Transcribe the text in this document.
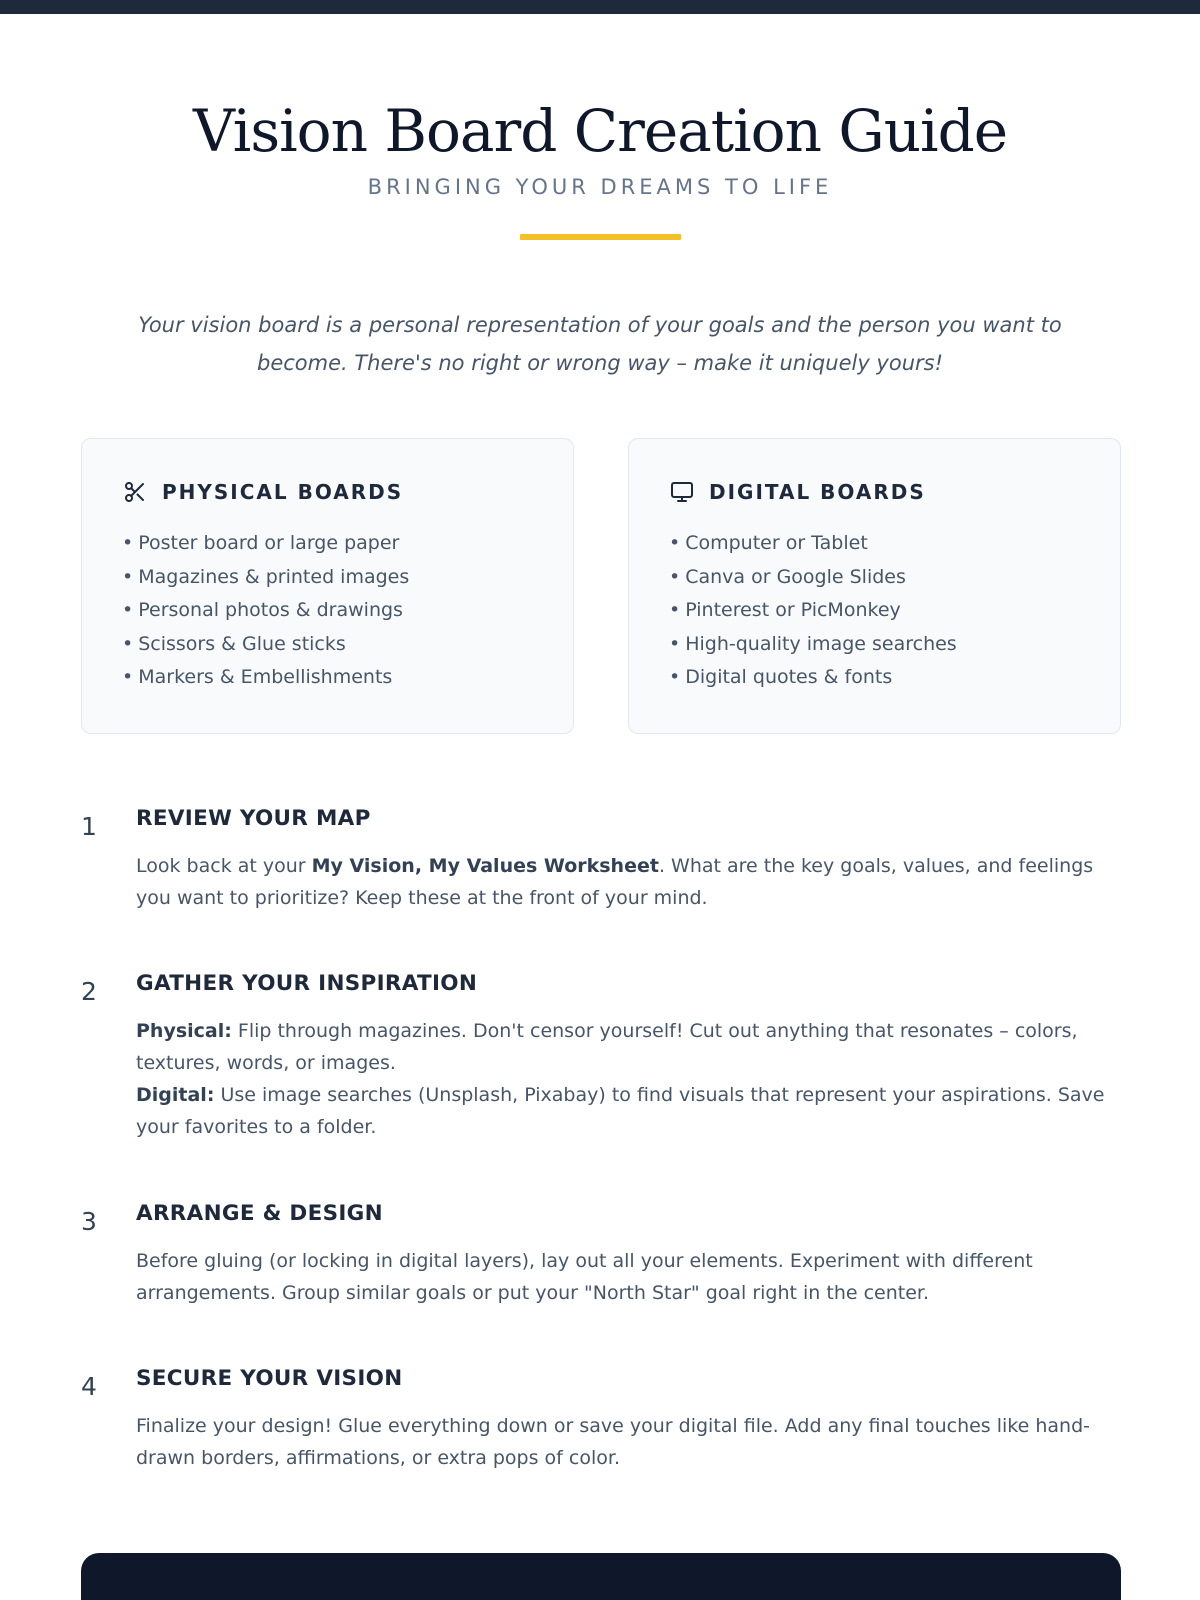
Vision Board Creation Guide
BRINGING YOUR DREAMS TO LIFE

Your vision board is a personal representation of your goals and the person you want to become. There's no right or wrong way – make it uniquely yours!

PHYSICAL BOARDS
• Poster board or large paper
• Magazines & printed images
• Personal photos & drawings
• Scissors & Glue sticks
• Markers & Embellishments
DIGITAL BOARDS
• Computer or Tablet
• Canva or Google Slides
• Pinterest or PicMonkey
• High-quality image searches
• Digital quotes & fonts
1 REVIEW YOUR MAP

Look back at your My Vision, My Values Worksheet. What are the key goals, values, and feelings you want to prioritize? Keep these at the front of your mind.

2 GATHER YOUR INSPIRATION

Physical: Flip through magazines. Don't censor yourself! Cut out anything that resonates – colors, textures, words, or images.

Digital: Use image searches (Unsplash, Pixabay) to find visuals that represent your aspirations. Save your favorites to a folder.

3 ARRANGE & DESIGN

Before gluing (or locking in digital layers), lay out all your elements. Experiment with different arrangements. Group similar goals or put your "North Star" goal right in the center.

4 SECURE YOUR VISION

Finalize your design! Glue everything down or save your digital file. Add any final touches like hand-drawn borders, affirmations, or extra pops of color.
